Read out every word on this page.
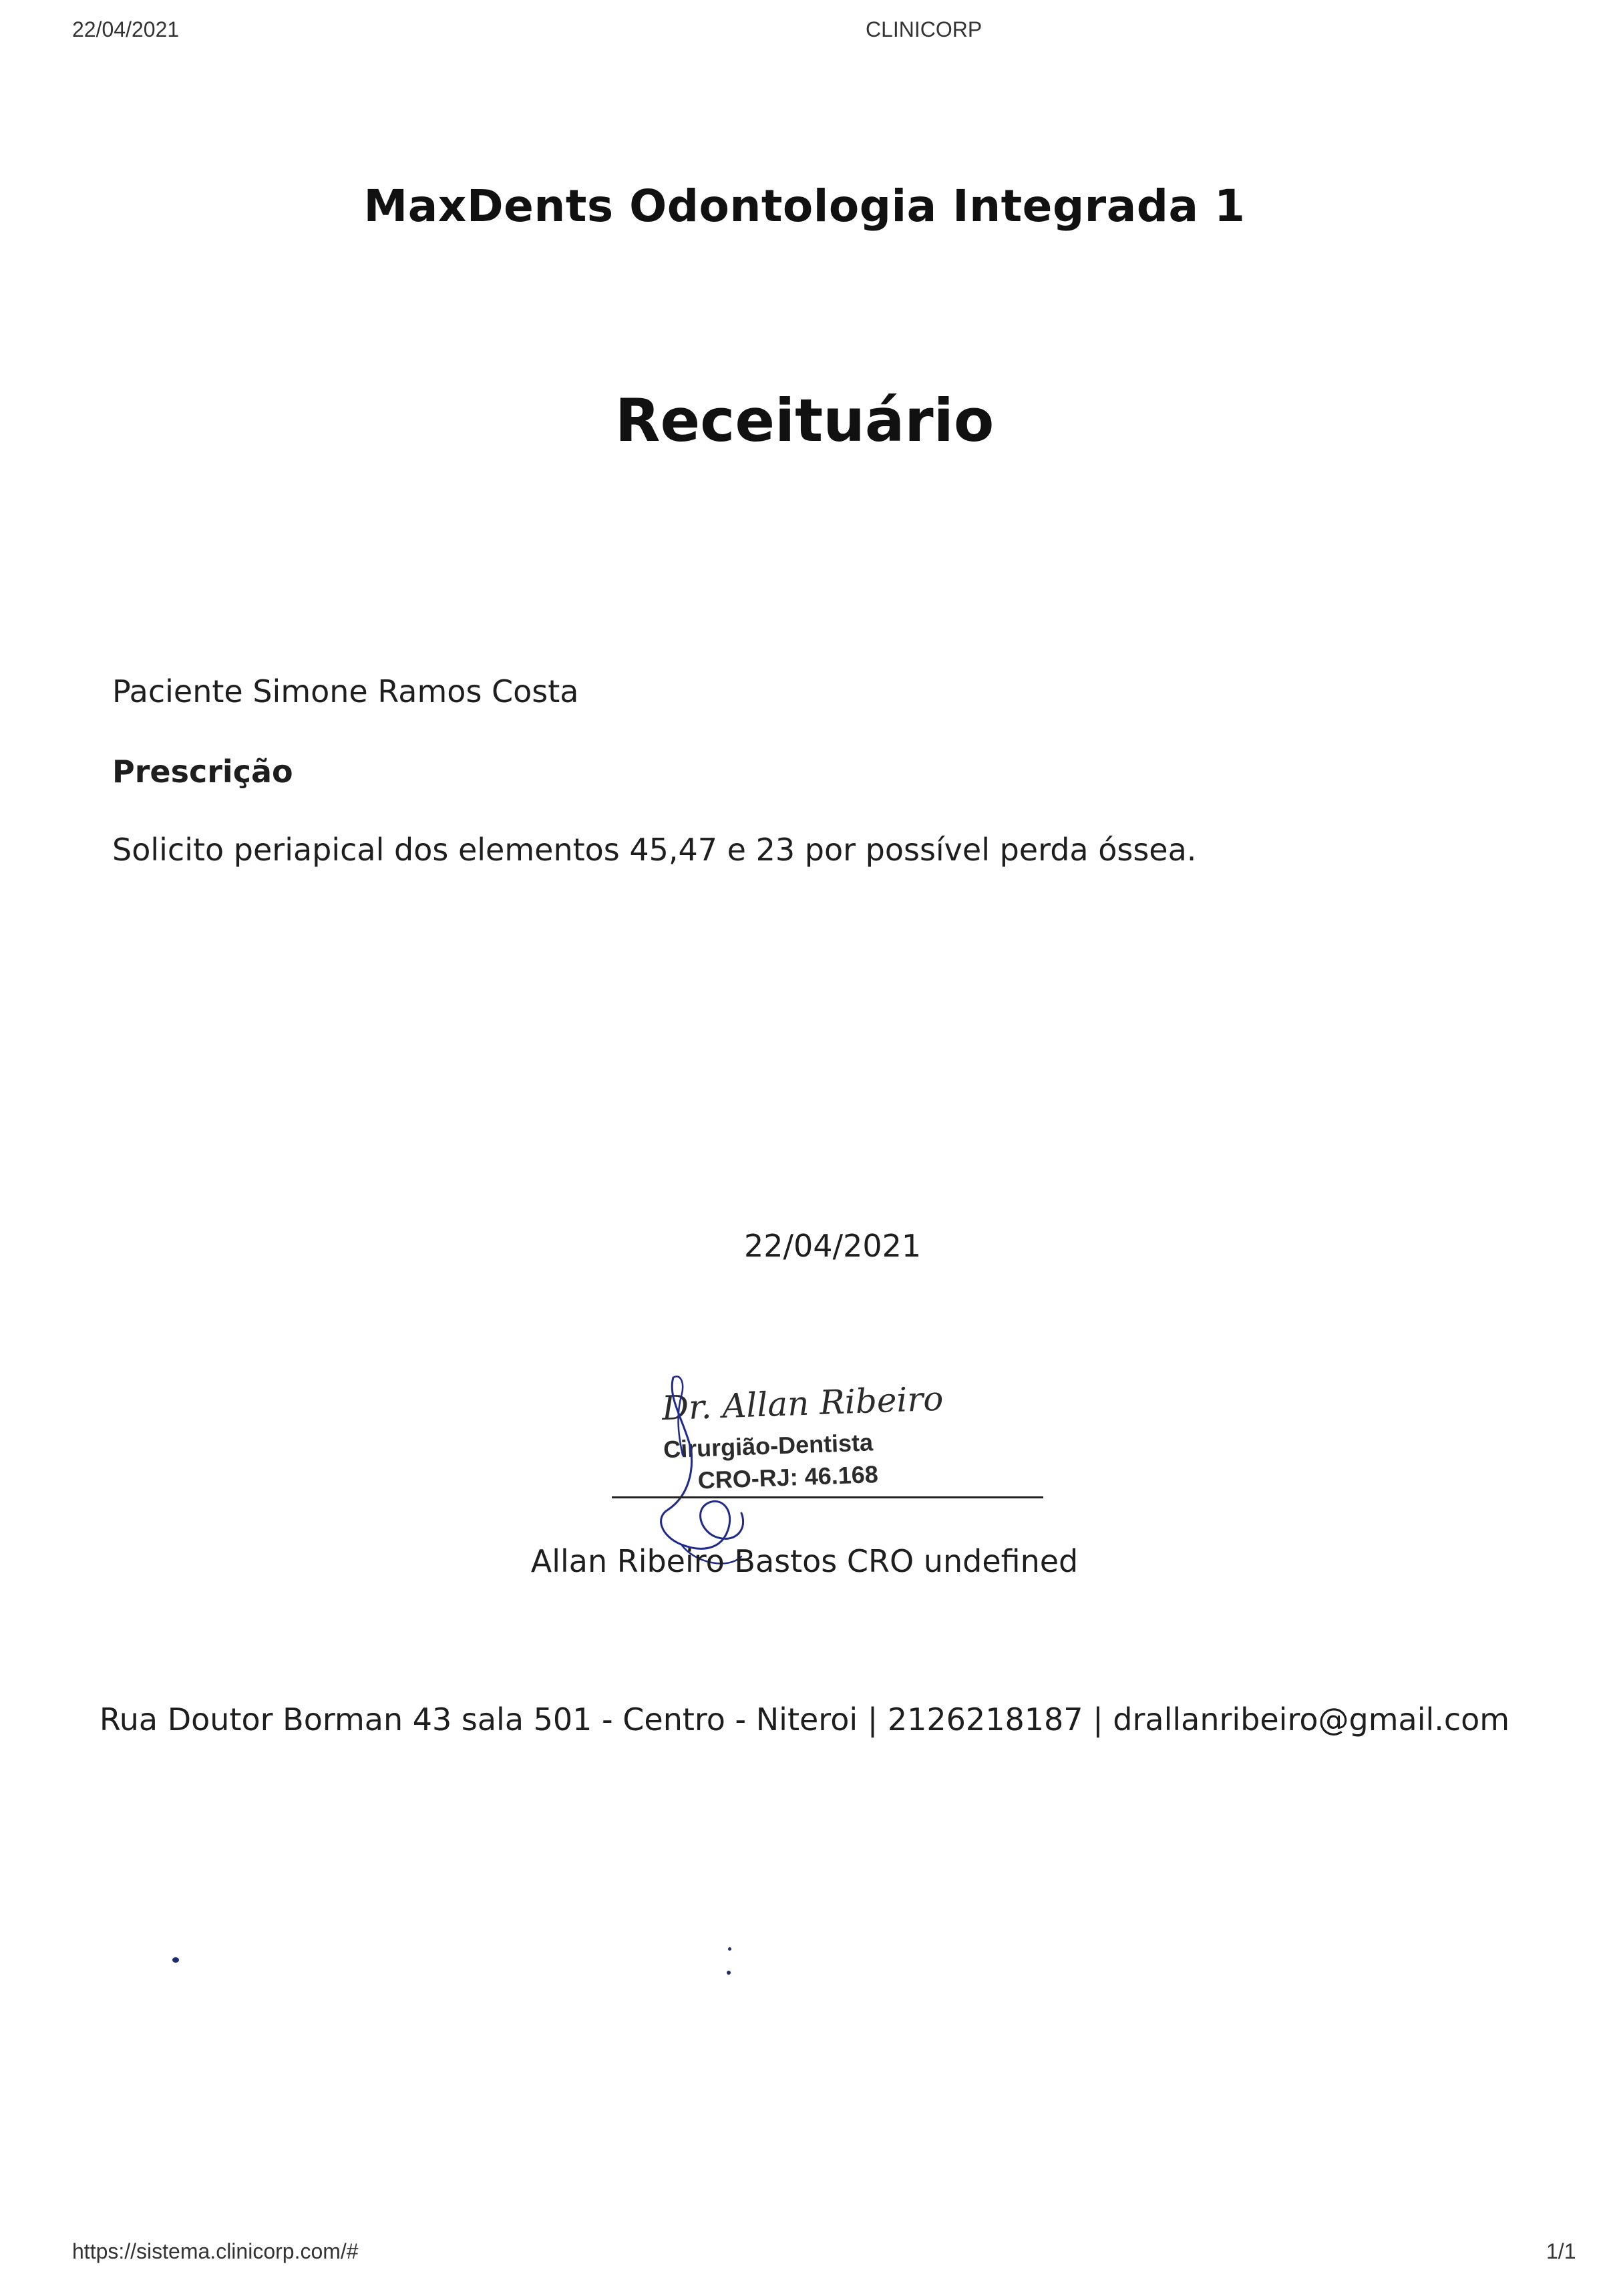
22/04/2021	CLINICORP
MaxDents Odontologia Integrada 1
Receituário
Paciente Simone Ramos Costa
Prescrição
Solicito periapical dos elementos 45,47 e 23 por possível perda óssea.
22/04/2021
Dr. Allan Ribeiro
Cirurgião-Dentista
CRO-RJ: 46.168
Allan Ribeiro Bastos CRO undefined
Rua Doutor Borman 43 sala 501 - Centro - Niteroi | 2126218187 | drallanribeiro@gmail.com
https://sistema.clinicorp.com/#	1/1
